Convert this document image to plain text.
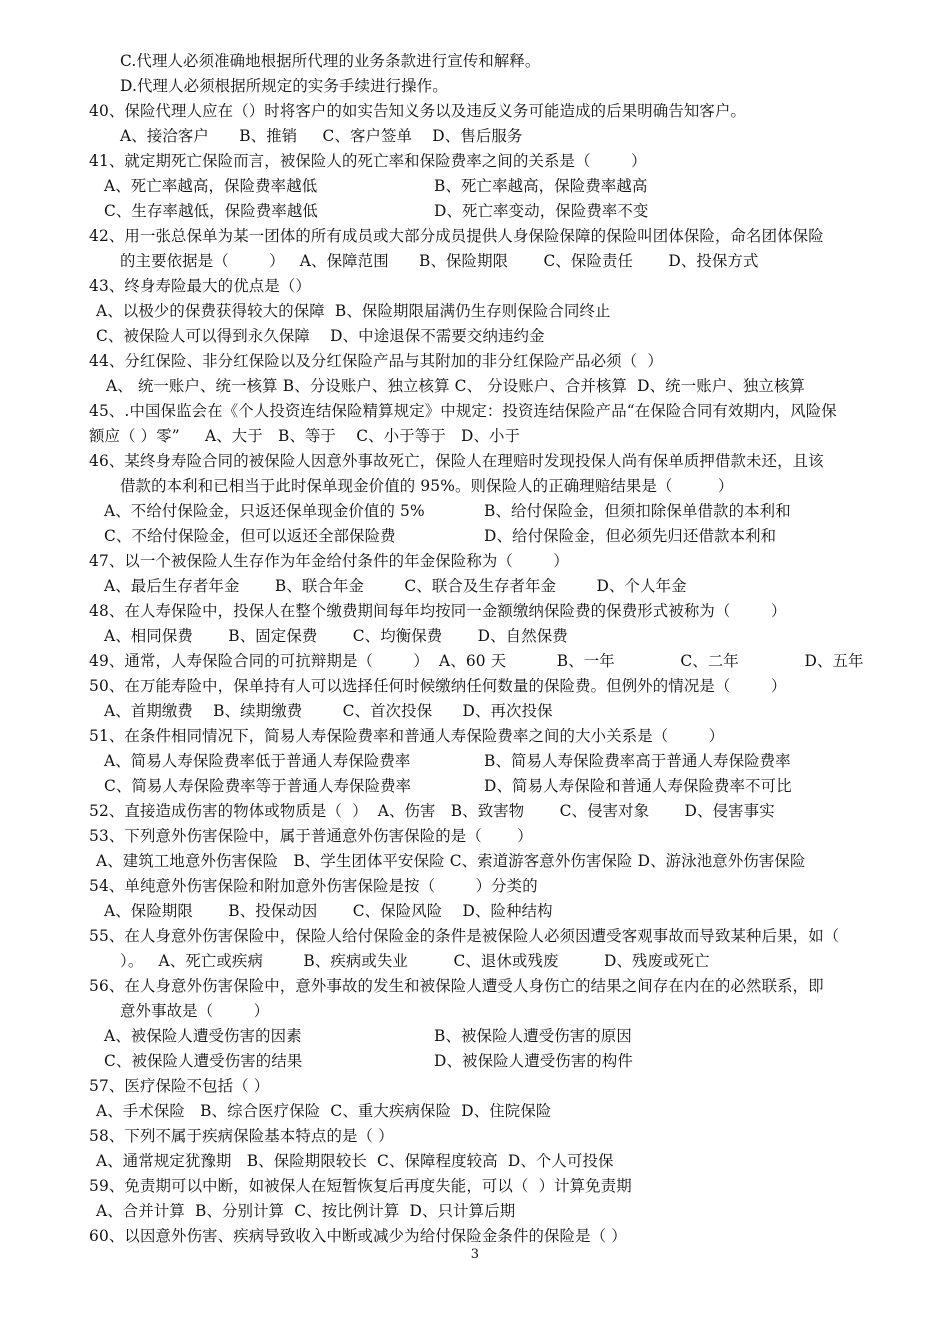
C.代理人必须准确地根据所代理的业务条款进行宣传和解释。
D.代理人必须根据所规定的实务手续进行操作。
40、保险代理人应在（）时将客户的如实告知义务以及违反义务可能造成的后果明确告知客户。
A、接洽客户      B、推销     C、客户签单    D、售后服务
41、就定期死亡保险而言，被保险人的死亡率和保险费率之间的关系是（        ）
A、死亡率越高，保险费率越低	B、死亡率越高，保险费率越高
C、生存率越低，保险费率越低	D、死亡率变动，保险费率不变
42、用一张总保单为某一团体的所有成员或大部分成员提供人身保险保障的保险叫团体保险，命名团体保险
的主要依据是（        ）   A、保障范围      B、保险期限       C、保险责任       D、投保方式
43、终身寿险最大的优点是（）
A、以极少的保费获得较大的保障  B、保险期限届满仍生存则保险合同终止
C、被保险人可以得到永久保障    D、中途退保不需要交纳违约金
44、分红保险、非分红保险以及分红保险产品与其附加的非分红保险产品必须（  ）
A、 统一账户、统一核算 B、分设账户、独立核算 C、 分设账户、合并核算  D、统一账户、独立核算
45、.中国保监会在《个人投资连结保险精算规定》中规定：投资连结保险产品“在保险合同有效期内，风险保
额应（ ）零”     A、大于   B、等于    C、小于等于   D、小于
46、某终身寿险合同的被保险人因意外事故死亡，保险人在理赔时发现投保人尚有保单质押借款未还，且该
借款的本利和已相当于此时保单现金价值的 95%。则保险人的正确理赔结果是（         ）
A、不给付保险金，只返还保单现金价值的 5%	B、给付保险金，但须扣除保单借款的本利和
C、不给付保险金，但可以返还全部保险费	D、给付保险金，但必须先归还借款本利和
47、以一个被保险人生存作为年金给付条件的年金保险称为（        ）
A、最后生存者年金       B、联合年金        C、联合及生存者年金        D、个人年金
48、在人寿保险中，投保人在整个缴费期间每年均按同一金额缴纳保险费的保费形式被称为（        ）
A、相同保费       B、固定保费       C、均衡保费       D、自然保费
49、通常，人寿保险合同的可抗辩期是（        ）  A、60 天          B、一年             C、二年             D、五年
50、在万能寿险中，保单持有人可以选择任何时候缴纳任何数量的保险费。但例外的情况是（        ）
A、首期缴费    B、续期缴费        C、首次投保      D、再次投保
51、在条件相同情况下，简易人寿保险费率和普通人寿保险费率之间的大小关系是（        ）
A、简易人寿保险费率低于普通人寿保险费率	B、简易人寿保险费率高于普通人寿保险费率
C、简易人寿保险费率等于普通人寿保险费率	D、简易人寿保险和普通人寿保险费率不可比
52、直接造成伤害的物体或物质是（  ）  A、伤害   B、致害物       C、侵害对象       D、侵害事实
53、下列意外伤害保险中，属于普通意外伤害保险的是（       ）
A、建筑工地意外伤害保险   B、学生团体平安保险 C、索道游客意外伤害保险 D、游泳池意外伤害保险
54、单纯意外伤害保险和附加意外伤害保险是按（        ）分类的
A、保险期限       B、投保动因       C、保险风险    D、险种结构
55、在人身意外伤害保险中，保险人给付保险金的条件是被保险人必须因遭受客观事故而导致某种后果，如（
）。   A、死亡或疾病        B、疾病或失业         C、退休或残废         D、残废或死亡
56、在人身意外伤害保险中，意外事故的发生和被保险人遭受人身伤亡的结果之间存在内在的必然联系，即
意外事故是（        ）
A、被保险人遭受伤害的因素	B、被保险人遭受伤害的原因
C、被保险人遭受伤害的结果	D、被保险人遭受伤害的构件
57、医疗保险不包括（ ）
A、手术保险   B、综合医疗保险  C、重大疾病保险  D、住院保险
58、下列不属于疾病保险基本特点的是（ ）
A、通常规定犹豫期   B、保险期限较长  C、保障程度较高  D、个人可投保
59、免责期可以中断，如被保人在短暂恢复后再度失能，可以（  ）计算免责期
A、合并计算  B、分别计算  C、按比例计算  D、只计算后期
60、以因意外伤害、疾病导致收入中断或减少为给付保险金条件的保险是（ ）
3
